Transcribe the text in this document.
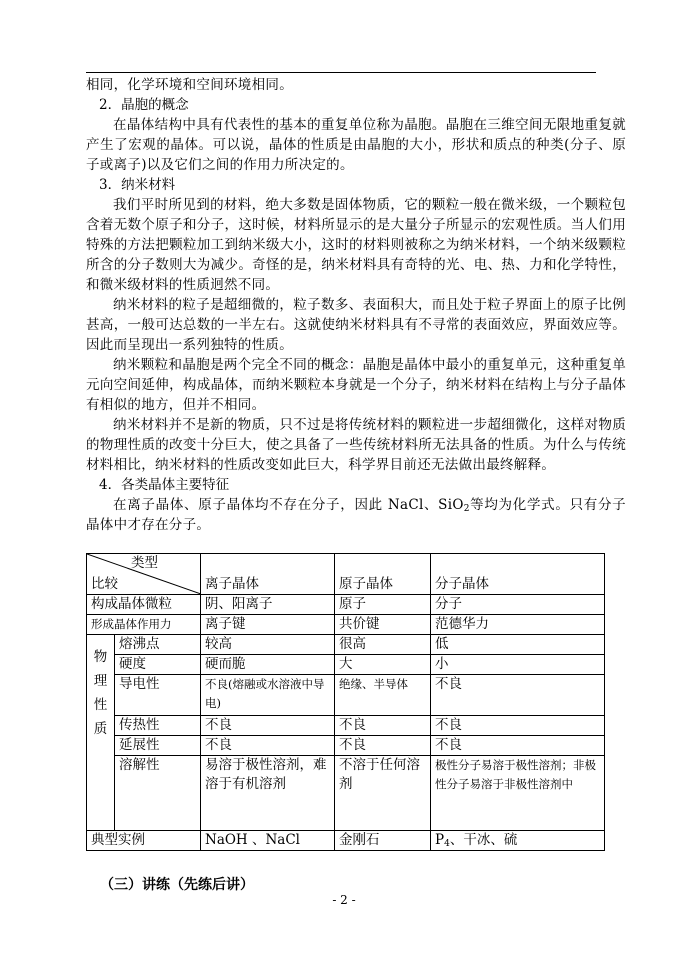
相同，化学环境和空间环境相同。

2．晶胞的概念

在晶体结构中具有代表性的基本的重复单位称为晶胞。晶胞在三维空间无限地重复就产生了宏观的晶体。可以说，晶体的性质是由晶胞的大小，形状和质点的种类(分子、原子或离子)以及它们之间的作用力所决定的。

3．纳米材料

我们平时所见到的材料，绝大多数是固体物质，它的颗粒一般在微米级，一个颗粒包含着无数个原子和分子，这时候，材料所显示的是大量分子所显示的宏观性质。当人们用特殊的方法把颗粒加工到纳米级大小，这时的材料则被称之为纳米材料，一个纳米级颗粒所含的分子数则大为减少。奇怪的是，纳米材料具有奇特的光、电、热、力和化学特性，和微米级材料的性质迥然不同。

纳米材料的粒子是超细微的，粒子数多、表面积大，而且处于粒子界面上的原子比例甚高，一般可达总数的一半左右。这就使纳米材料具有不寻常的表面效应，界面效应等。因此而呈现出一系列独特的性质。

纳米颗粒和晶胞是两个完全不同的概念：晶胞是晶体中最小的重复单元，这种重复单元向空间延伸，构成晶体，而纳米颗粒本身就是一个分子，纳米材料在结构上与分子晶体有相似的地方，但并不相同。

纳米材料并不是新的物质，只不过是将传统材料的颗粒进一步超细微化，这样对物质的物理性质的改变十分巨大，使之具备了一些传统材料所无法具备的性质。为什么与传统材料相比，纳米材料的性质改变如此巨大，科学界目前还无法做出最终解释。

4．各类晶体主要特征

在离子晶体、原子晶体均不存在分子，因此 NaCl、SiO$_2$等均为化学式。只有分子晶体中才存在分子。

类型
比较		离子晶体	原子晶体	分子晶体
构成晶体微粒		阴、阳离子	原子	分子
形成晶体作用力		离子键	共价键	范德华力

物
理
性
质	熔沸点	较高	很高	低
	硬度	硬而脆	大	小
	导电性	不良(熔融或水溶液中导电)	绝缘、半导体	不良
	传热性	不良	不良	不良
	延展性	不良	不良	不良
	溶解性	易溶于极性溶剂，难溶于有机溶剂	不溶于任何溶剂	极性分子易溶于极性溶剂；非极性分子易溶于非极性溶剂中
典型实例		NaOH 、NaCl	金刚石	$P_4$、干冰、硫
（三）讲练（先练后讲）
- 2 -
